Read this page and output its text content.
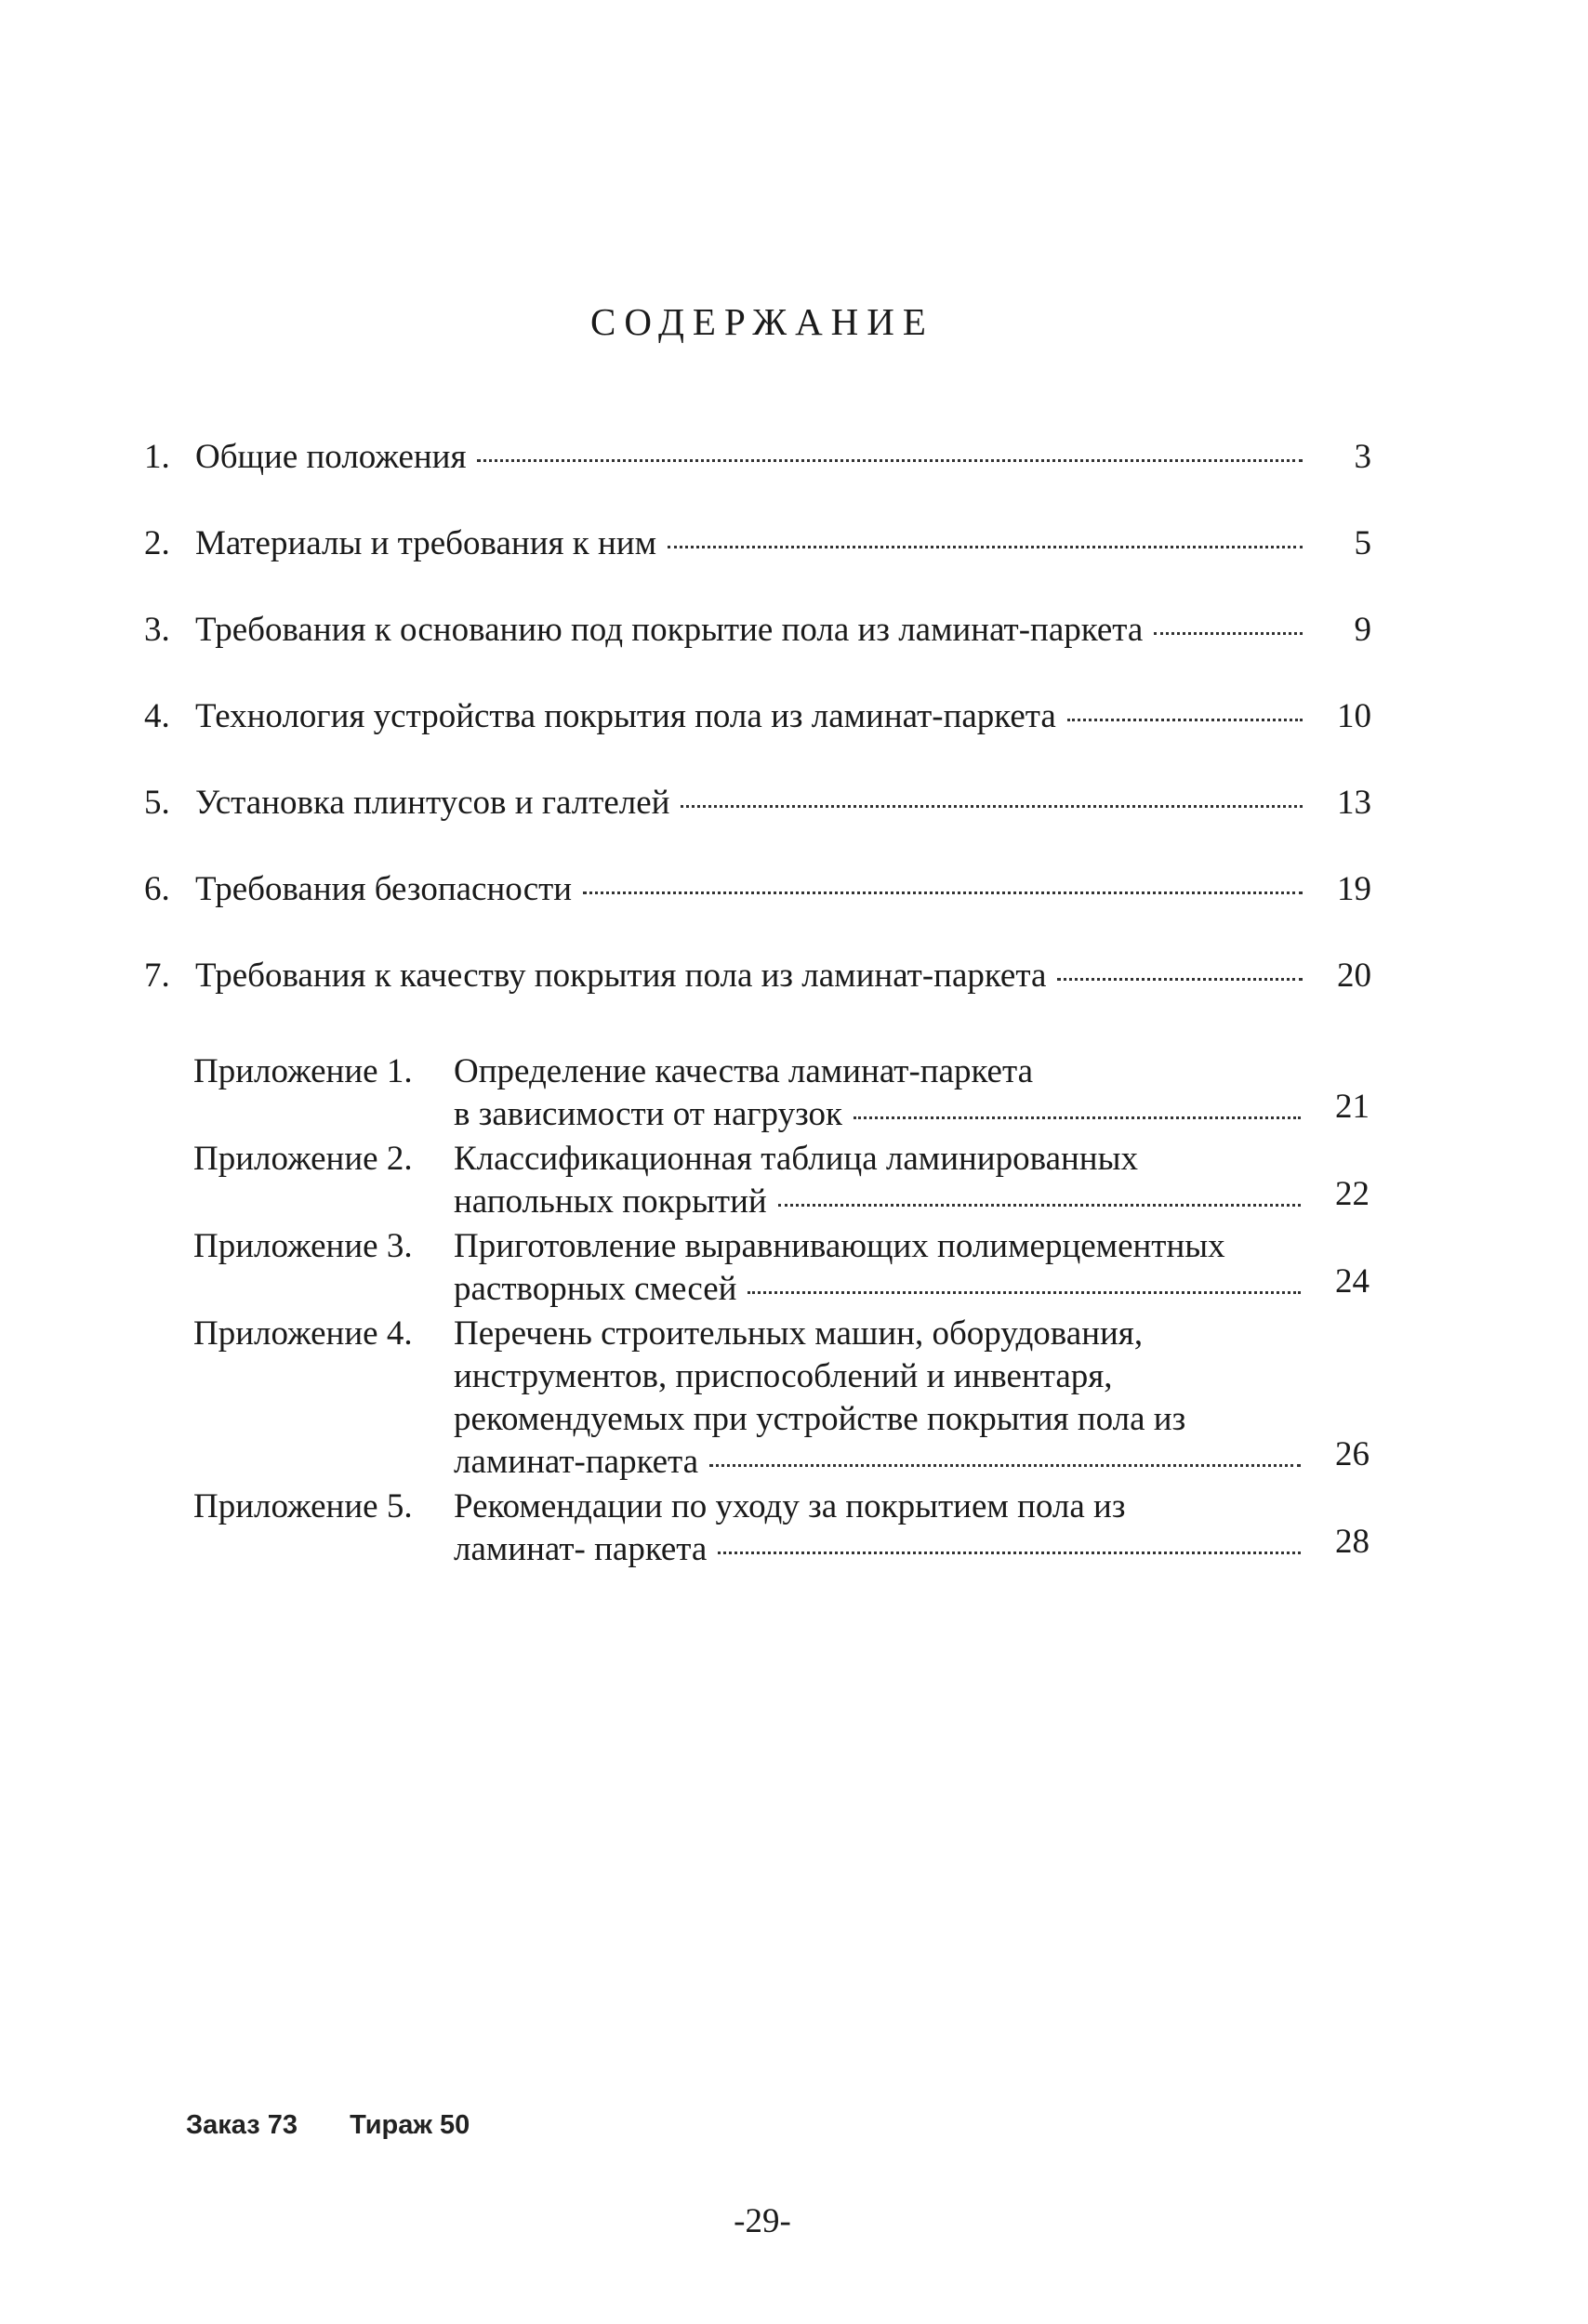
СОДЕРЖАНИЕ
1. Общие положения	3
2. Материалы и требования к ним	5
3. Требования к основанию под покрытие пола из ламинат-паркета	9
4. Технология устройства покрытия пола из ламинат-паркета	10
5. Установка плинтусов и галтелей	13
6. Требования безопасности	19
7. Требования к качеству покрытия пола из ламинат-паркета	20
Приложение 1.	Определение качества ламинат-паркета
в зависимости от нагрузок	21
Приложение 2.	Классификационная таблица ламинированных
напольных покрытий	22
Приложение 3.	Приготовление выравнивающих полимерцементных
растворных смесей	24
Приложение 4.	Перечень строительных машин, оборудования,
инструментов, приспособлений и инвентаря,
рекомендуемых при устройстве покрытия пола из
ламинат-паркета	26
Приложение 5.	Рекомендации по уходу за покрытием пола из
ламинат- паркета	28
Заказ 73 Тираж 50
-29-
